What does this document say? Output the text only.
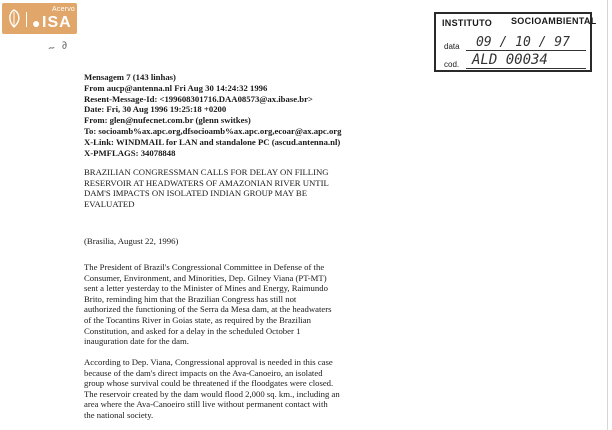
●
Acervo
ISA
∼ ∂
INSTITUTO SOCIOAMBIENTAL
data 09 / 10 / 97
cod. ALD 00034
Mensagem 7 (143 linhas)
From aucp@antenna.nl Fri Aug 30 14:24:32 1996
Resent-Message-Id: <199608301716.DAA08573@ax.ibase.br>
Date: Fri, 30 Aug 1996 19:25:18 +0200
From: glen@nufecnet.com.br (glenn switkes)
To: socioamb%ax.apc.org,dfsocioamb%ax.apc.org,ecoar@ax.apc.org
X-Link: WINDMAIL for LAN and standalone PC (ascud.antenna.nl)
X-PMFLAGS: 34078848
BRAZILIAN CONGRESSMAN CALLS FOR DELAY ON FILLING
RESERVOIR AT HEADWATERS OF AMAZONIAN RIVER UNTIL
DAM'S IMPACTS ON ISOLATED INDIAN GROUP MAY BE
EVALUATED
(Brasilia, August 22, 1996)
The President of Brazil's Congressional Committee in Defense of the
Consumer, Environment, and Minorities, Dep. Gilney Viana (PT-MT)
sent a letter yesterday to the Minister of Mines and Energy, Raimundo
Brito, reminding him that the Brazilian Congress has still not
authorized the functioning of the Serra da Mesa dam, at the headwaters
of the Tocantins River in Goias state, as required by the Brazilian
Constitution, and asked for a delay in the scheduled October 1
inauguration date for the dam.
According to Dep. Viana, Congressional approval is needed in this case
because of the dam's direct impacts on the Ava-Canoeiro, an isolated
group whose survival could be threatened if the floodgates were closed.
The reservoir created by the dam would flood 2,000 sq. km., including an
area where the Ava-Canoeiro still live without permanent contact with
the national society.
